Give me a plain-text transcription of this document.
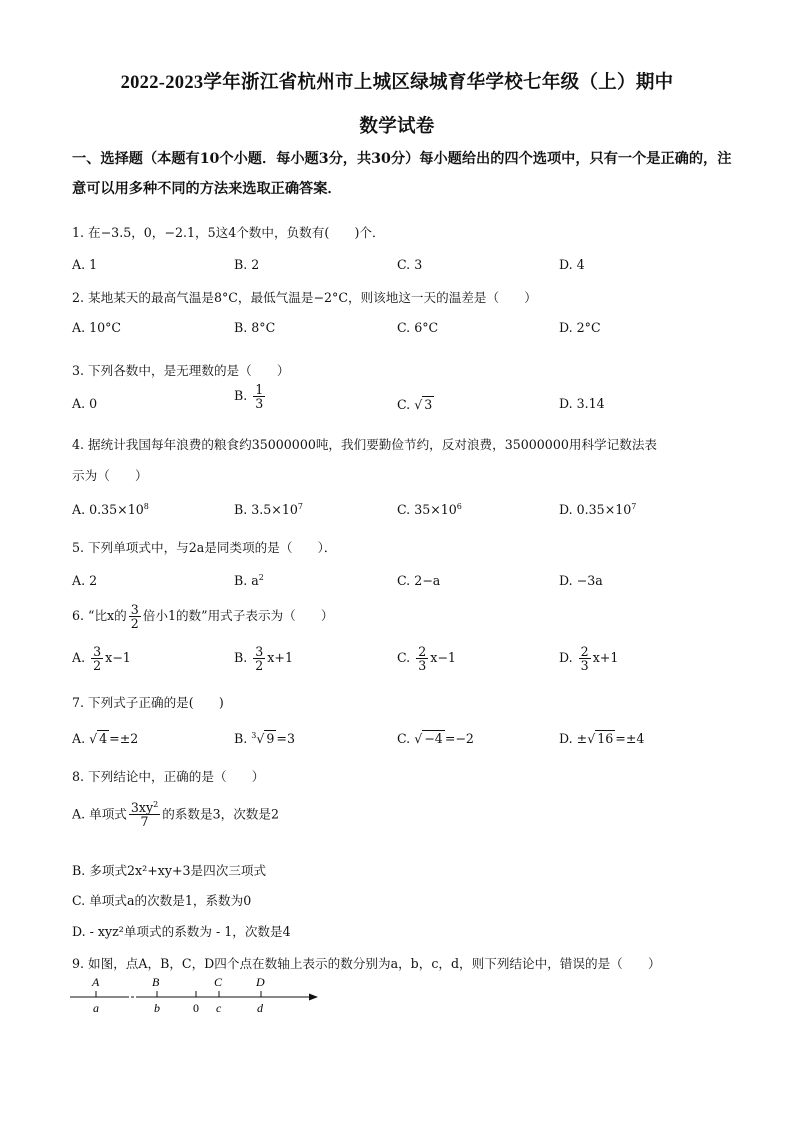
2022-2023学年浙江省杭州市上城区绿城育华学校七年级（上）期中
数学试卷
一、选择题（本题有10个小题．每小题3分，共30分）每小题给出的四个选项中，只有一个是正确的，注意可以用多种不同的方法来选取正确答案．
1. 在−3.5，0，−2.1，5这4个数中，负数有(　　)个．
A. 1	B. 2	C. 3	D. 4
2. 某地某天的最高气温是8°C，最低气温是−2°C，则该地这一天的温差是（　　）
A. 10°C	B. 8°C	C. 6°C	D. 2°C
3. 下列各数中，是无理数的是（　　）
A. 0
B. $\frac{1}{3}$	C. √ 3	D. 3.14
4. 据统计我国每年浪费的粮食约35000000吨，我们要勤俭节约，反对浪费，35000000用科学记数法表
示为（　　）
A. $0.35\times 10^8$	B. $3.5\times 10^7$	C. $35\times 10^6$	D. $0.35\times 10^7$
5. 下列单项式中，与2a是同类项的是（　　）．
A. 2	B. $a^2$	C. 2−a	D. −3a
6. “比x的 $\frac{3}{2}$ 倍小1的数”用式子表示为（　　）
A. $\frac{3}{2} x-1$	B. $\frac{3}{2} x+1$	C. $\frac{2}{3} x-1$	D. $\frac{2}{3} x+1$
7. 下列式子正确的是(　　)
A. √ 4 =±2	B. $^3$√ 9 =3	C. √ −4 =−2	D. ±√ 16 =±4
8. 下列结论中，正确的是（　　）
A. 单项式 $\frac{3xy^2}{7}$ 的系数是3，次数是2
B. 多项式2x²+xy+3是四次三项式
C. 单项式a的次数是1，系数为0
D. - xyz²单项式的系数为 - 1，次数是4
9. 如图，点A，B，C，D四个点在数轴上表示的数分别为a，b，c，d，则下列结论中，错误的是（　　）
A	B	C	D
a	b	0 c	d
